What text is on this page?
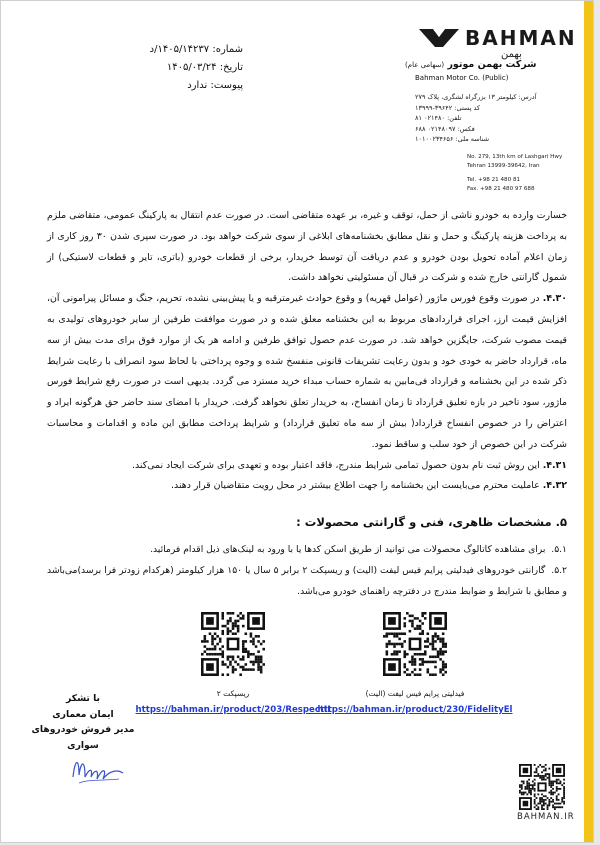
BAHMAN
بهمن
شرکت بهمن موتور (سهامی عام)
Bahman Motor Co. (Public)
آدرس: کیلومتر ۱۳ بزرگراه لشگری، پلاک ۲۷۹
کد پستی: ۳۹۶۴۲-۱۳۹۹۹
تلفن: ۰۲۱۴۸۰ ۸۱
فکس: ۰۲۱۴۸۰۹۷ ۶۸۸
شناسه ملی: ۱۰۱۰۰۲۳۴۶۵۶
No. 279, 13th km of Lashgari Hwy
Tehran 13999-39642, Iran
Tel. +98 21 480 81
Fax. +98 21 480 97 688
شماره: ۱۴۰۵/۱۴۲۳۷/د
تاریخ: ۱۴۰۵/۰۳/۲۴
پیوست: ندارد

خسارت وارده به خودرو ناشی از حمل، توقف و غیره، بر عهده متقاضی است. در صورت عدم انتقال به پارکینگ عمومی، متقاضی ملزم به پرداخت هزینه پارکینگ و حمل و نقل مطابق بخشنامه‌های ابلاغی از سوی شرکت خواهد بود. در صورت سپری شدن ۳۰ روز کاری از زمان اعلام آماده تحویل بودن خودرو و عدم دریافت آن توسط خریدار، برخی از قطعات خودرو (باتری، تایر و قطعات لاستیکی) از شمول گارانتی خارج شده و شرکت در قبال آن مسئولیتی نخواهد داشت.

۴.۳۰. در صورت وقوع فورس ماژور (عوامل قهریه) و وقوع حوادث غیرمترقبه و یا پیش‌بینی نشده، تحریم، جنگ و مسائل پیرامونی آن، افزایش قیمت ارز، اجرای قراردادهای مربوط به این بخشنامه معلق شده و در صورت موافقت طرفین از سایر خودروهای تولیدی به قیمت مصوب شرکت، جایگزین خواهد شد. در صورت عدم حصول توافق طرفین و ادامه هر یک از موارد فوق برای مدت بیش از سه ماه، قرارداد حاضر به خودی خود و بدون رعایت تشریفات قانونی منفسخ شده و وجوه پرداختی با لحاظ سود انصراف با رعایت شرایط ذکر شده در این بخشنامه و قرارداد فی‌مابین به شماره حساب مبداء خرید مسترد می گردد. بدیهی است در صورت رفع شرایط فورس ماژور، سود تاخیر در بازه تعلیق قرارداد تا زمان انفساخ، به خریدار تعلق نخواهد گرفت. خریدار با امضای سند حاضر حق هرگونه ایراد و اعتراض را در خصوص انفساخ قرارداد( بیش از سه ماه تعلیق قرارداد) و شرایط پرداخت مطابق این ماده و اقدامات و محاسبات شرکت در این خصوص از خود سلب و ساقط نمود.

۴.۳۱. این روش ثبت نام بدون حصول تمامی شرایط مندرج، فاقد اعتبار بوده و تعهدی برای شرکت ایجاد نمی‌کند.

۴.۳۲. عاملیت محترم می‌بایست این بخشنامه را جهت اطلاع بیشتر در محل رویت متقاضیان قرار دهند.

۵. مشخصات ظاهری، فنی و گارانتی محصولات :

۵.۱.  برای مشاهده کاتالوگ محصولات می توانید از طریق اسکن کدها یا با ورود به لینک‌های ذیل اقدام فرمائید.

۵.۲.  گارانتی خودروهای فیدلیتی پرایم فیس لیفت (الیت) و ریسپکت ۲ برابر ۵ سال یا ۱۵۰ هزار کیلومتر (هرکدام زودتر فرا برسد)می‌باشد و مطابق با شرایط و ضوابط مندرج در دفترچه راهنمای خودرو می‌باشد.

فیدلیتی پرایم فیس لیفت (الیت)
https://bahman.ir/product/230/FidelityEl
ریسپکت ۲
https://bahman.ir/product/203/RespectII
با تشکر
ایمان معماری
مدیر فروش خودروهای سواری
BAHMAN.IR
